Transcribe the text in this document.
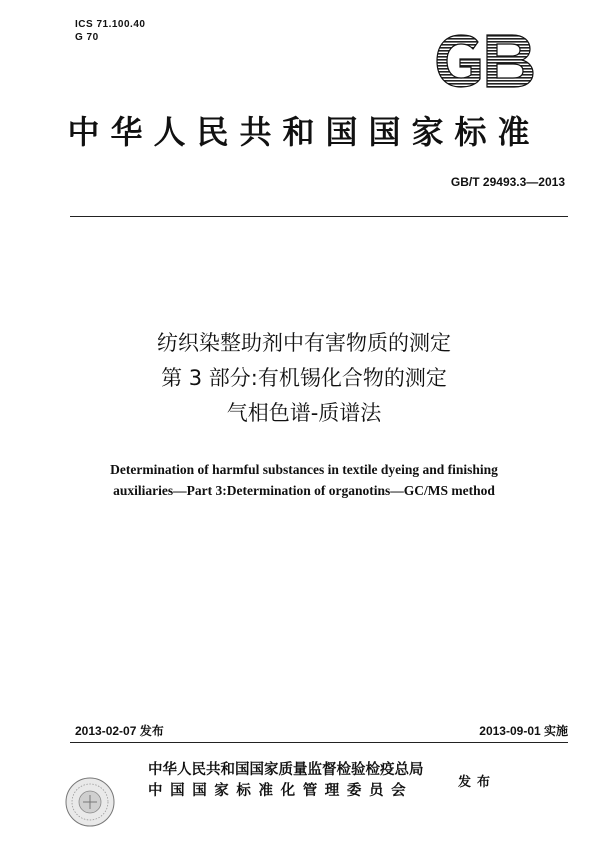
ICS 71.100.40
G 70
中华人民共和国国家标准
GB/T 29493.3—2013
纺织染整助剂中有害物质的测定
第 3 部分:有机锡化合物的测定
气相色谱-质谱法
Determination of harmful substances in textile dyeing and finishing
auxiliaries—Part 3:Determination of organotins—GC/MS method
2013-02-07 发布	2013-09-01 实施
中华人民共和国国家质量监督检验检疫总局
中国国家标准化管理委员会
发布
